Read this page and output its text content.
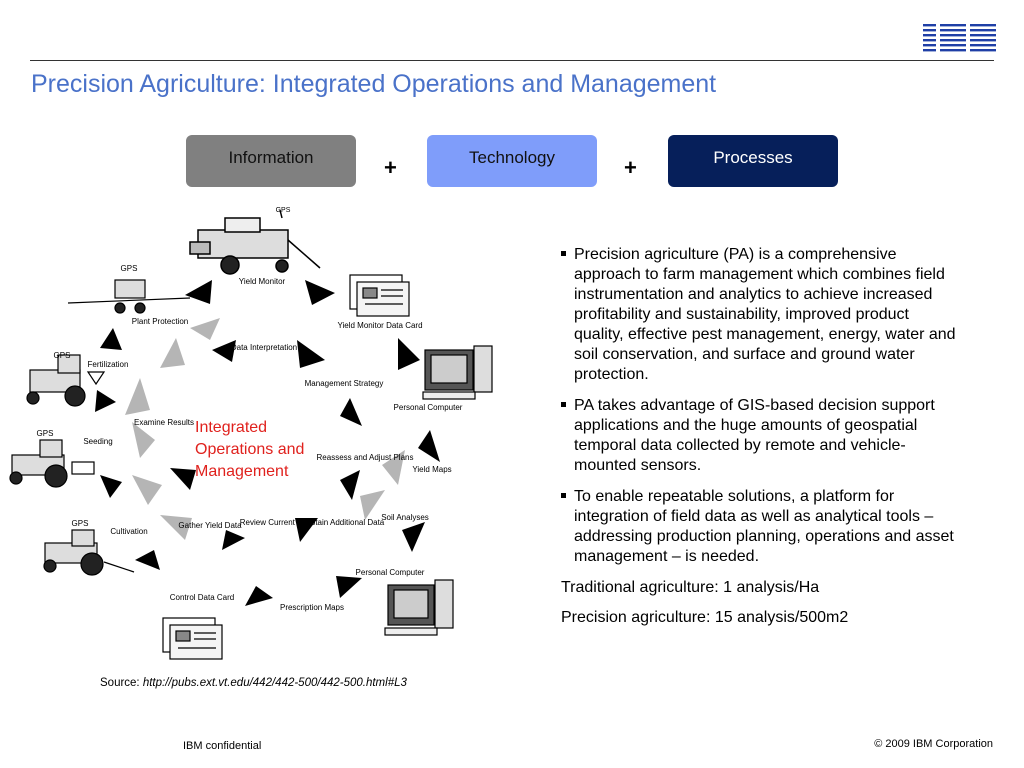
Precision Agriculture: Integrated Operations and Management
Information	+	Technology	+	Processes
GPS
Yield Monitor
Yield Monitor Data Card
Personal Computer
Yield Maps
Soil Analyses
Personal Computer
Prescription Maps
Control Data Card
Cultivation
Seeding
Fertilization
Plant Protection
GPS
GPS
GPS
GPS
Data Interpretation
Management Strategy
Reassess and Adjust Plans
Review Current & Obtain Additional Data
Gather Yield Data
Examine Results Integrated Operations and Management
Precision agriculture (PA) is a comprehensive approach to farm management which combines field instrumentation and analytics to achieve increased profitability and sustainability, improved product quality, effective pest management, energy, water and soil conservation, and surface and ground water protection.
PA takes advantage of GIS-based decision support applications and the huge amounts of geospatial temporal data collected by remote and vehicle-mounted sensors.
To enable repeatable solutions, a platform for integration of field data as well as analytical tools – addressing production planning, operations and asset management – is needed.

Traditional agriculture: 1 analysis/Ha

Precision agriculture: 15 analysis/500m2

Source: http://pubs.ext.vt.edu/442/442-500/442-500.html#L3
IBM confidential	© 2009 IBM Corporation
